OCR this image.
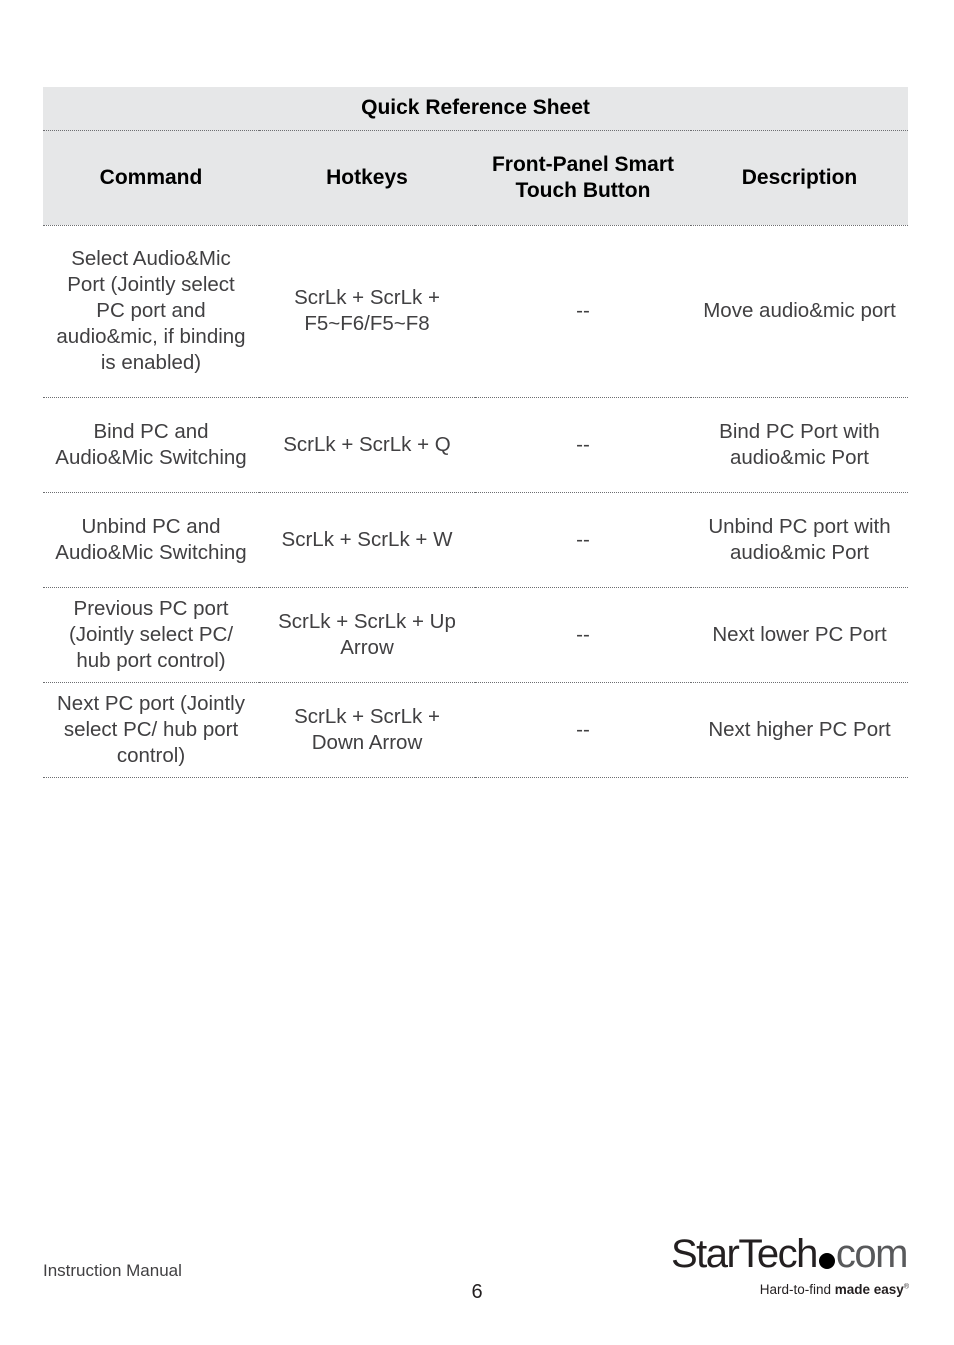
Quick Reference Sheet			
Command	Hotkeys	Front-Panel Smart Touch Button	Description
Select Audio&Mic Port (Jointly select PC port and audio&mic, if binding is enabled)	ScrLk + ScrLk + F5~F6/F5~F8	--	Move audio&mic port
Bind PC and Audio&Mic Switching	ScrLk + ScrLk + Q	--	Bind PC Port with audio&mic Port
Unbind PC and Audio&Mic Switching	ScrLk + ScrLk + W	--	Unbind PC port with audio&mic Port
Previous PC port (Jointly select PC/ hub port control)	ScrLk + ScrLk + Up Arrow	--	Next lower PC Port
Next PC port (Jointly select PC/ hub port control)	ScrLk + ScrLk + Down Arrow	--	Next higher PC Port
Instruction Manual
6
StarTech com
Hard-to-find made easy®
